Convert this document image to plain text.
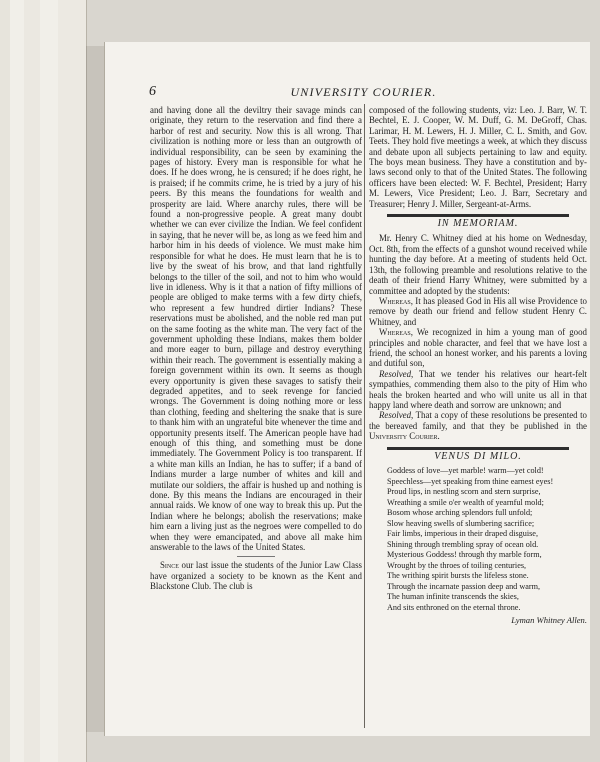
6	UNIVERSITY COURIER.

and having done all the deviltry their savage minds can originate, they return to the reservation and find there a harbor of rest and security. Now this is all wrong. That civilization is nothing more or less than an outgrowth of individual responsibility, can be seen by examining the pages of history. Every man is responsible for what he does. If he does wrong, he is censured; if he does right, he is praised; if he commits crime, he is tried by a jury of his peers. By this means the foundations for wealth and prosperity are laid. Where anarchy rules, there will be found a non-progressive people. A great many doubt whether we can ever civilize the Indian. We feel confident in saying, that he never will be, as long as we feed him and harbor him in his deeds of violence. We must make him responsible for what he does. He must learn that he is to live by the sweat of his brow, and that land rightfully belongs to the tiller of the soil, and not to him who would live in idleness. Why is it that a nation of fifty millions of people are obliged to make terms with a few dirty chiefs, who represent a few hundred dirtier Indians? These reservations must be abolished, and the noble red man put on the same footing as the white man. The very fact of the government upholding these Indians, makes them bolder and more eager to burn, pillage and destroy everything within their reach. The government is essentially making a foreign government within its own. It seems as though every opportunity is given these savages to satisfy their degraded appetites, and to seek revenge for fancied wrongs. The Government is doing nothing more or less than clothing, feeding and sheltering the snake that is sure to thank him with an ungrateful bite whenever the time and opportunity presents itself. The American people have had enough of this thing, and something must be done immediately. The Government Policy is too transparent. If a white man kills an Indian, he has to suffer; if a band of Indians murder a large number of whites and kill and mutilate our soldiers, the affair is hushed up and nothing is done. By this means the Indians are encouraged in their annual raids. We know of one way to break this up. Put the Indian where he belongs; abolish the reservations; make him earn a living just as the negroes were compelled to do when they were emancipated, and above all make him answerable to the laws of the United States.

Since our last issue the students of the Junior Law Class have organized a society to be known as the Kent and Blackstone Club. The club is

composed of the following students, viz: Leo. J. Barr, W. T. Bechtel, E. J. Cooper, W. M. Duff, G. M. DeGroff, Chas. Larimar, H. M. Lewers, H. J. Miller, C. L. Smith, and Gov. Teets. They hold five meetings a week, at which they discuss and debate upon all subjects pertaining to law and equity. The boys mean business. They have a constitution and by-laws second only to that of the United States. The following officers have been elected: W. F. Bechtel, President; Harry M. Lewers, Vice President; Leo. J. Barr, Secretary and Treasurer; Henry J. Miller, Sergeant-at-Arms.

IN MEMORIAM.

Mr. Henry C. Whitney died at his home on Wednesday, Oct. 8th, from the effects of a gunshot wound received while hunting the day before. At a meeting of students held Oct. 13th, the following preamble and resolutions relative to the death of their friend Harry Whitney, were submitted by a committee and adopted by the students:

Whereas, It has pleased God in His all wise Providence to remove by death our friend and fellow student Henry C. Whitney, and

Whereas, We recognized in him a young man of good principles and noble character, and feel that we have lost a friend, the school an honest worker, and his parents a loving and dutiful son,

Resolved, That we tender his relatives our heart-felt sympathies, commending them also to the pity of Him who heals the broken hearted and who will unite us all in that happy land where death and sorrow are unknown; and

Resolved, That a copy of these resolutions be presented to the bereaved family, and that they be published in the University Courier.

VENUS DI MILO.
Goddess of love—yet marble! warm—yet cold!
Speechless—yet speaking from thine earnest eyes!
Proud lips, in nestling scorn and stern surprise,
Wreathing a smile o'er wealth of yearnful mold;
Bosom whose arching splendors full unfold;
Slow heaving swells of slumbering sacrifice;
Fair limbs, imperious in their draped disguise,
Shining through trembling spray of ocean old.
Mysterious Goddess! through thy marble form,
Wrought by the throes of toiling centuries,
The writhing spirit bursts the lifeless stone.
Through the incarnate passion deep and warm,
The human infinite transcends the skies,
And sits enthroned on the eternal throne.
Lyman Whitney Allen.
